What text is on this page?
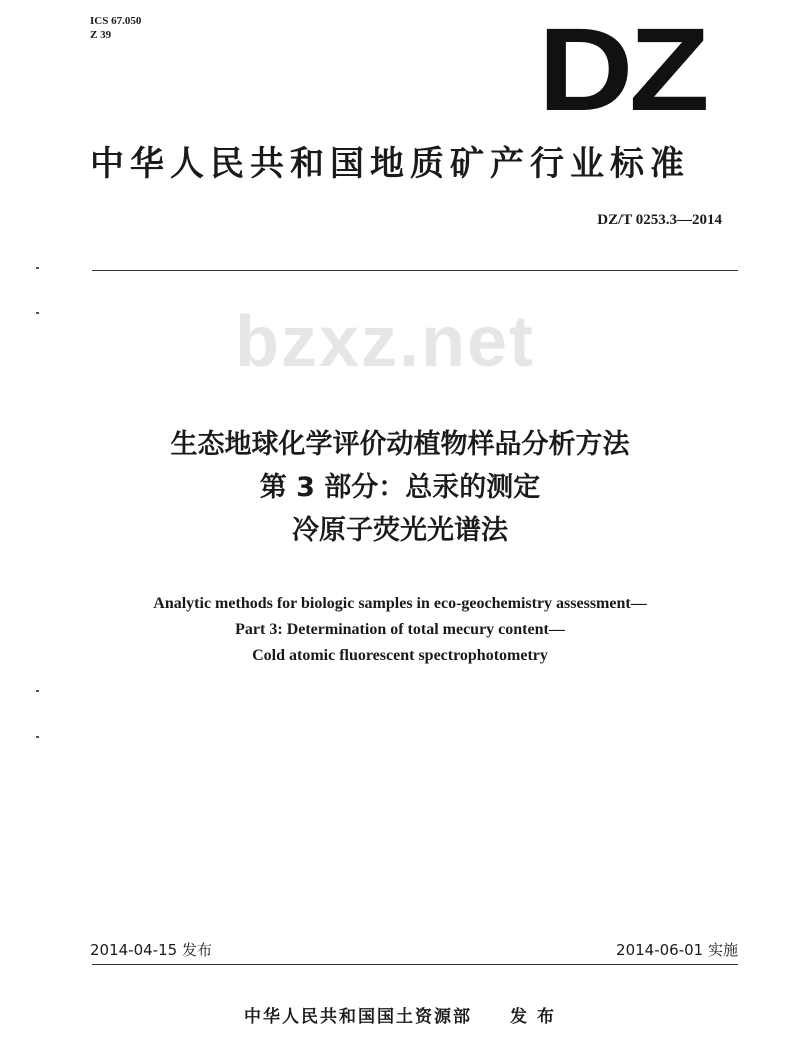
ICS 67.050
Z 39
bzxz.net
DZ
中华人民共和国地质矿产行业标准
DZ/T 0253.3—2014
生态地球化学评价动植物样品分析方法
第 3 部分：总汞的测定
冷原子荧光光谱法
Analytic methods for biologic samples in eco-geochemistry assessment—
Part 3: Determination of total mecury content—
Cold atomic fluorescent spectrophotometry
2014-04-15 发布	2014-06-01 实施
中华人民共和国国土资源部　　发 布
